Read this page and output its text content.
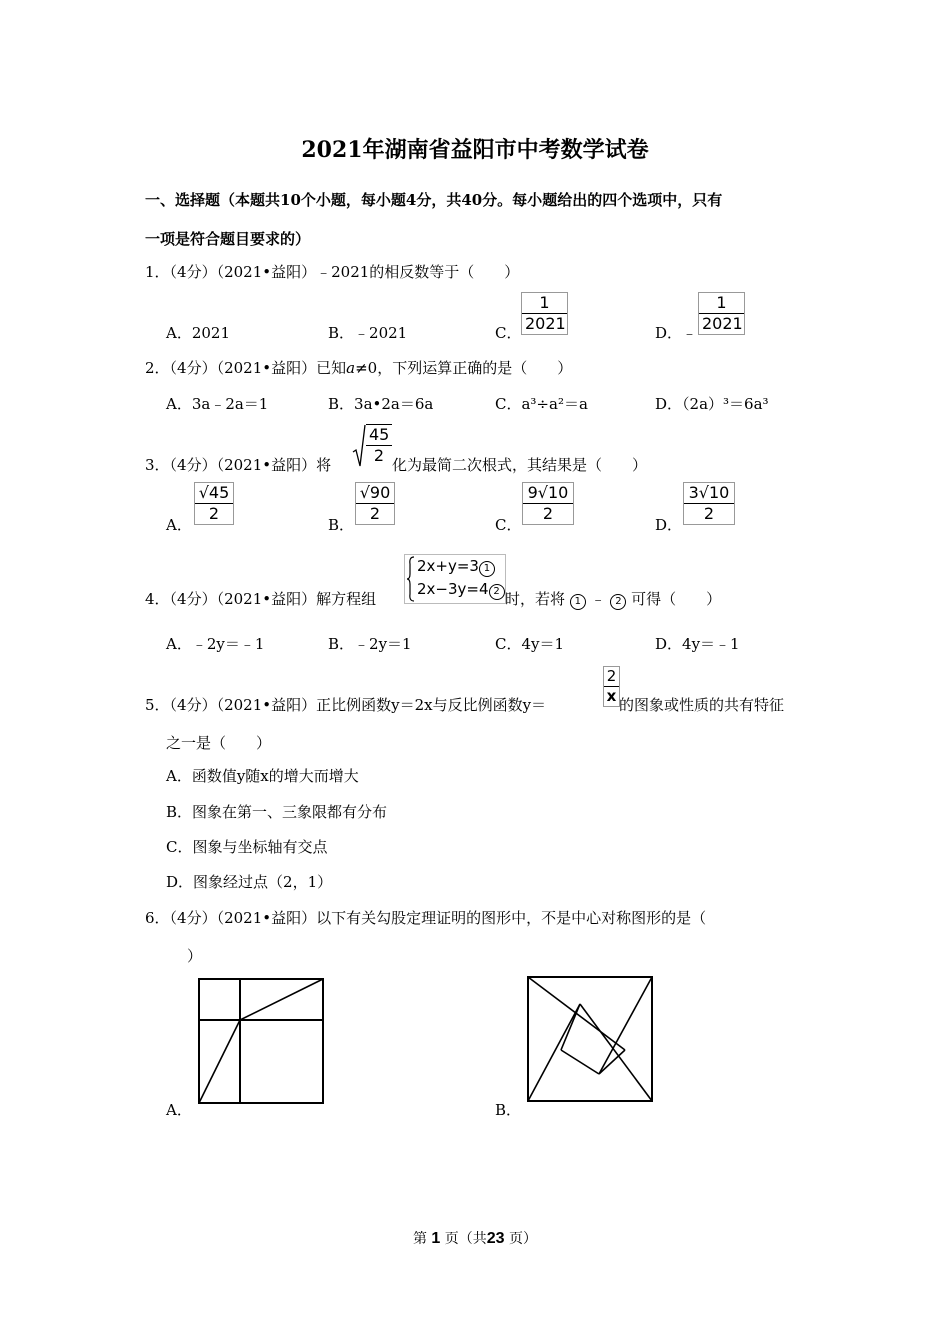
2021年湖南省益阳市中考数学试卷
一、选择题（本题共10个小题，每小题4分，共40分。每小题给出的四个选项中，只有
一项是符合题目要求的）
1．（4分）（2021•益阳）﹣2021的相反数等于（　　）
A．2021	B．﹣2021	C． $\frac{1}{2021}$	D．﹣ $\frac{1}{2021}$
2．（4分）（2021•益阳）已知a≠0，下列运算正确的是（　　）
A．3a﹣2a＝1	B．3a•2a＝6a	C．a³÷a²＝a	D．（2a）³＝6a³
3．（4分）（2021•益阳）将
45
2 化为最简二次根式，其结果是（　　）
A． $\frac{√45}{2}$	B． $\frac{√90}{2}$	C． $\frac{9√10}{2}$	D． $\frac{3√10}{2}$
4．（4分）（2021•益阳）解方程组
2x+y=3 1
2x−3y=4 2 时，若将 1 ﹣ 2 可得（　　）
A．﹣2y＝﹣1	B．﹣2y＝1	C．4y＝1	D．4y＝﹣1
5．（4分）（2021•益阳）正比例函数y＝2x与反比例函数y＝	$\frac{2}{x}$ 的图象或性质的共有特征
之一是（　　）
A．函数值y随x的增大而增大
B．图象在第一、三象限都有分布
C．图象与坐标轴有交点
D．图象经过点（2，1）
6．（4分）（2021•益阳）以下有关勾股定理证明的图形中，不是中心对称图形的是（
）
A．	B．
第 1 页（共23 页）
